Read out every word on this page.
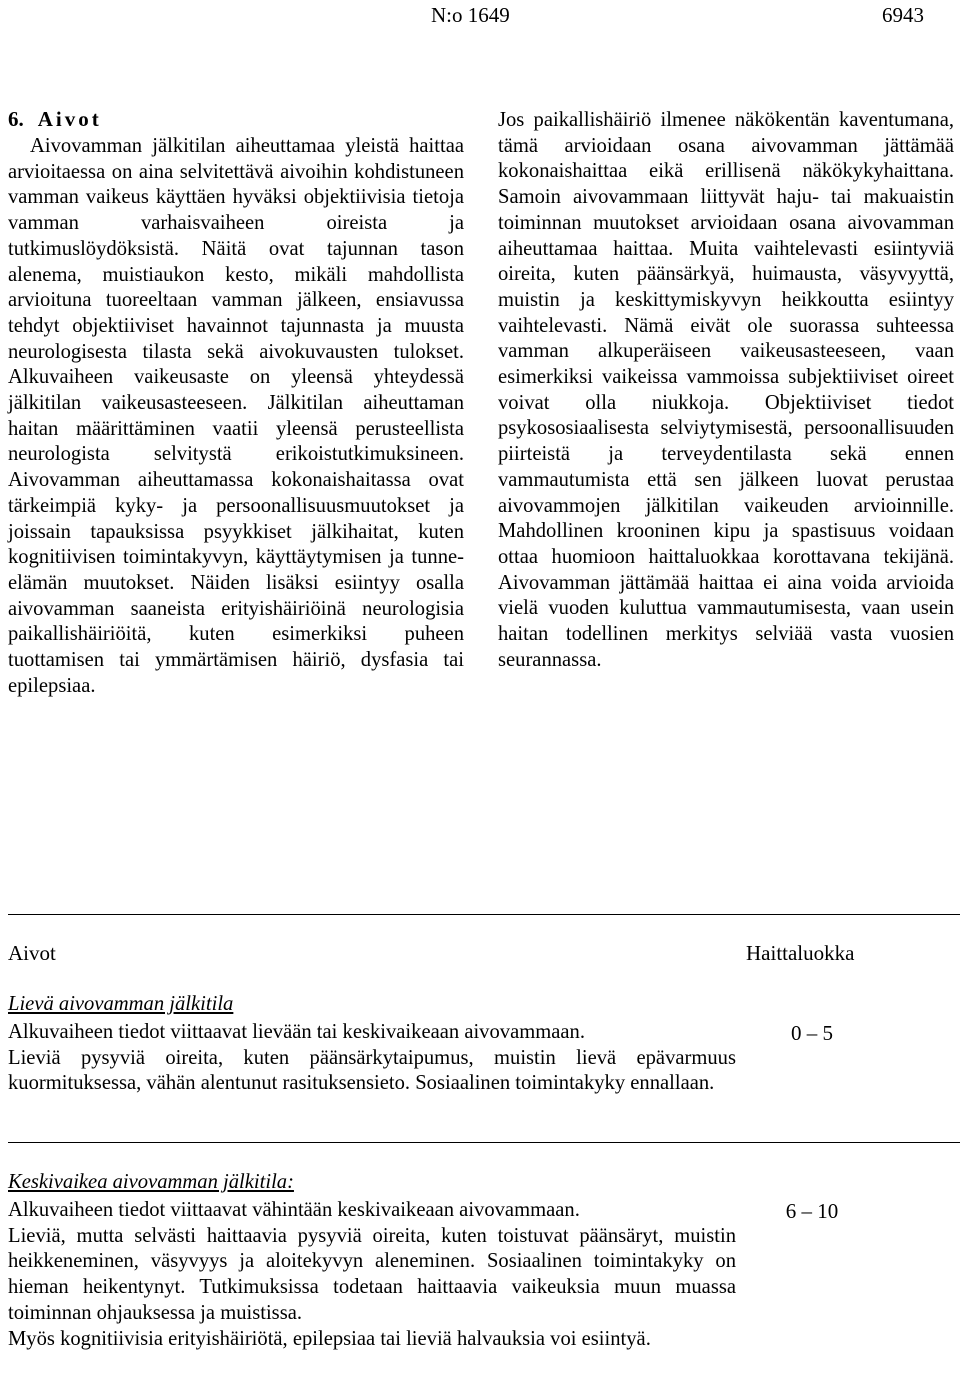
N:o 1649	6943
6. Aivot

Aivovamman jälkitilan aiheuttamaa yleistä haittaa arvioitaessa on aina selvitettävä aivoihin kohdistuneen vamman vaikeus käyttäen hyväksi objektiivisia tietoja vamman varhaisvaiheen oireista ja tutkimuslöydöksistä. Näitä ovat tajunnan tason alenema, muistiaukon kesto, mikäli mahdollista arvioituna tuoreeltaan vamman jälkeen, ensiavussa tehdyt objektiiviset havainnot tajunnasta ja muusta neurologisesta tilasta sekä aivokuvausten tulokset. Alkuvaiheen vaikeusaste on yleensä yhteydessä jälkitilan vaikeusasteeseen. Jälkitilan aiheuttaman haitan määrittäminen vaatii yleensä perusteellista neurologista selvitystä erikoistutkimuksineen. Aivovamman aiheuttamassa kokonaishaitassa ovat tärkeimpiä kyky- ja persoonallisuusmuutokset ja joissain tapauksissa psyykkiset jälkihaitat, kuten kognitiivisen toimintakyvyn, käyttäytymisen ja tunne-elämän muutokset. Näiden lisäksi esiintyy osalla aivovamman saaneista erityishäiriöinä neurologisia paikallishäiriöitä, kuten esimerkiksi puheen tuottamisen tai ymmärtämisen häiriö, dysfasia tai epilepsiaa.

Jos paikallishäiriö ilmenee näkökentän kaventumana, tämä arvioidaan osana aivovamman jättämää kokonaishaittaa eikä erillisenä näkökykyhaittana. Samoin aivovammaan liittyvät haju- tai makuaistin toiminnan muutokset arvioidaan osana aivovamman aiheuttamaa haittaa. Muita vaihtelevasti esiintyviä oireita, kuten päänsärkyä, huimausta, väsyvyyttä, muistin ja keskittymiskyvyn heikkoutta esiintyy vaihtelevasti. Nämä eivät ole suorassa suhteessa vamman alkuperäiseen vaikeusasteeseen, vaan esimerkiksi vaikeissa vammoissa subjektiiviset oireet voivat olla niukkoja. Objektiiviset tiedot psykososiaalisesta selviytymisestä, persoonallisuuden piirteistä ja terveydentilasta sekä ennen vammautumista että sen jälkeen luovat perustaa aivovammojen jälkitilan vaikeuden arvioinnille. Mahdollinen krooninen kipu ja spastisuus voidaan ottaa huomioon haittaluokkaa korottavana tekijänä. Aivovamman jättämää haittaa ei aina voida arvioida vielä vuoden kuluttua vammautumisesta, vaan usein haitan todellinen merkitys selviää vasta vuosien seurannassa.

Aivot	Haittaluokka
Lievä aivovamman jälkitila

Alkuvaiheen tiedot viittaavat lievään tai keskivaikeaan aivovammaan.

Lieviä pysyviä oireita, kuten päänsärkytaipumus, muistin lievä epävarmuus kuormituksessa, vähän alentunut rasituksensieto. Sosiaalinen toimintakyky ennallaan.

0 – 5
Keskivaikea aivovamman jälkitila:

Alkuvaiheen tiedot viittaavat vähintään keskivaikeaan aivovammaan.

Lieviä, mutta selvästi haittaavia pysyviä oireita, kuten toistuvat päänsäryt, muistin heikkeneminen, väsyvyys ja aloitekyvyn aleneminen. Sosiaalinen toimintakyky on hieman heikentynyt. Tutkimuksissa todetaan haittaavia vaikeuksia muun muassa toiminnan ohjauksessa ja muistissa.

Myös kognitiivisia erityishäiriötä, epilepsiaa tai lieviä halvauksia voi esiintyä.

6 – 10
